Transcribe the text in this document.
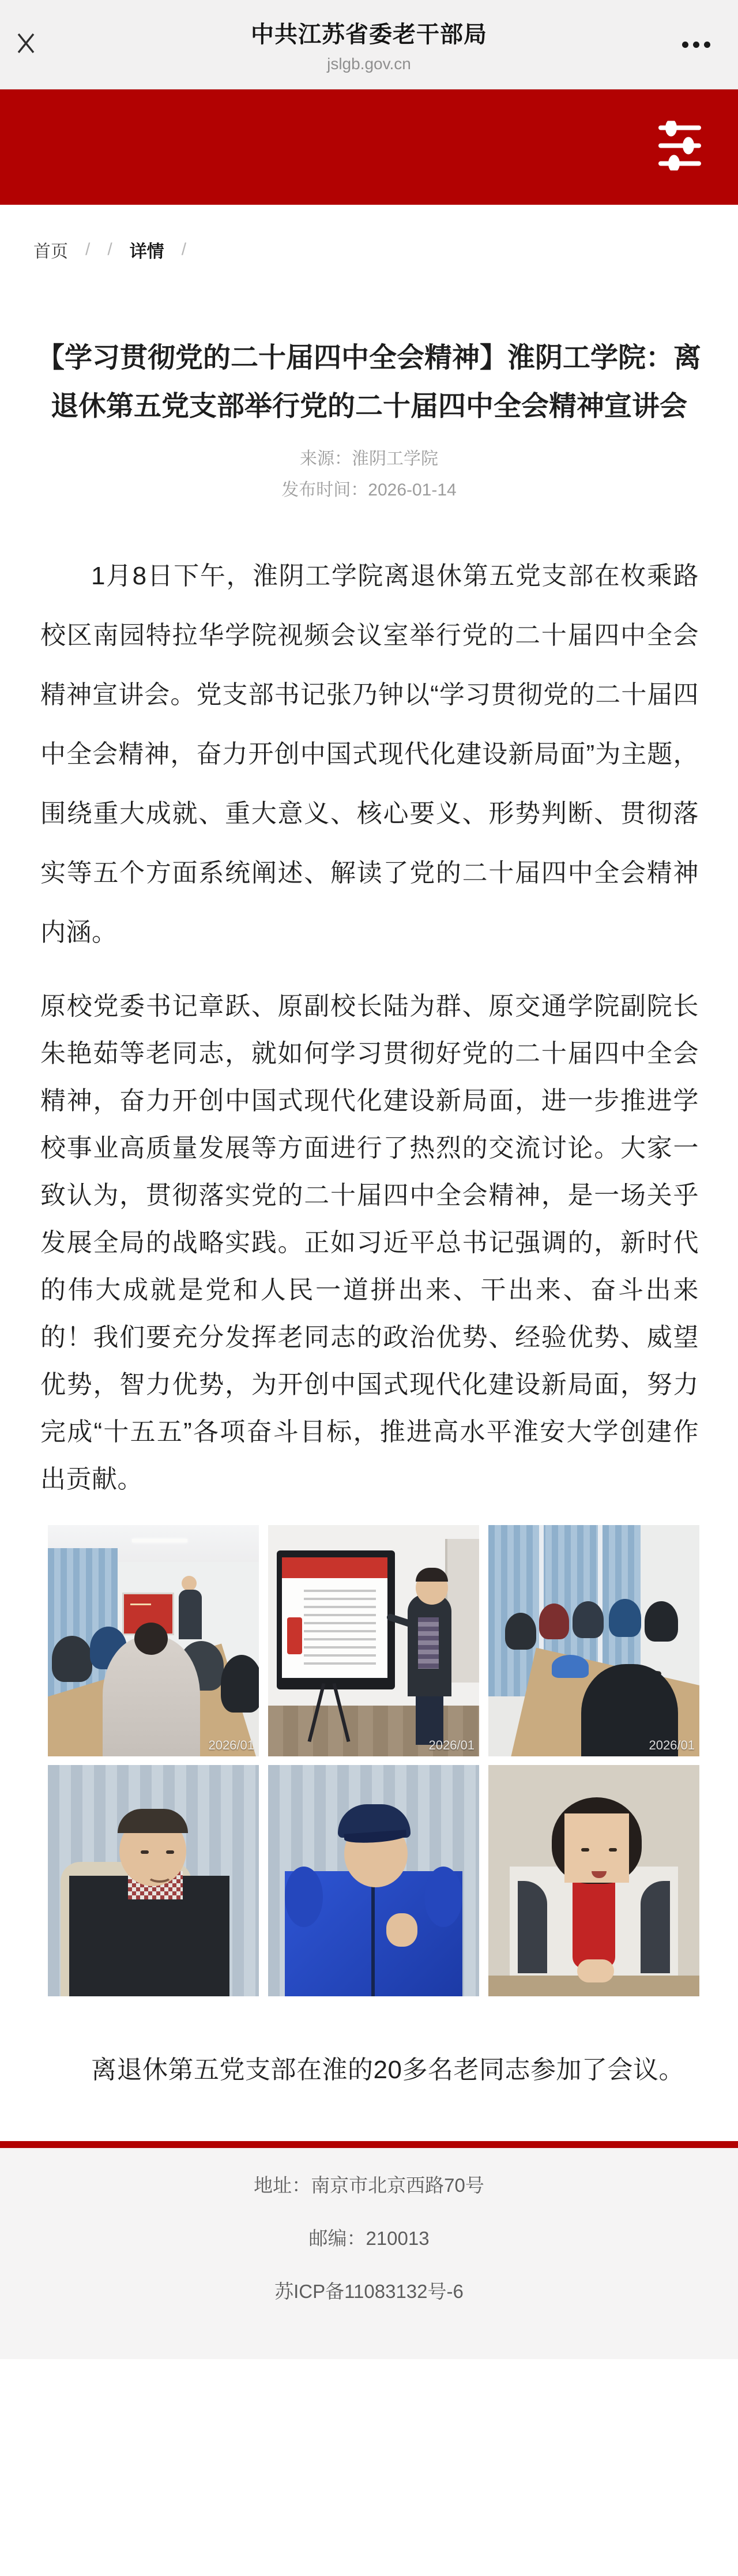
中共江苏省委老干部局
jslgb.gov.cn
首页 / / 详情 /
【学习贯彻党的二十届四中全会精神】淮阴工学院：离退休第五党支部举行党的二十届四中全会精神宣讲会
来源：淮阴工学院
发布时间：2026-01-14

1月8日下午，淮阴工学院离退休第五党支部在枚乘路校区南园特拉华学院视频会议室举行党的二十届四中全会精神宣讲会。党支部书记张乃钟以“学习贯彻党的二十届四中全会精神，奋力开创中国式现代化建设新局面”为主题，围绕重大成就、重大意义、核心要义、形势判断、贯彻落实等五个方面系统阐述、解读了党的二十届四中全会精神内涵。

原校党委书记章跃、原副校长陆为群、原交通学院副院长朱艳茹等老同志，就如何学习贯彻好党的二十届四中全会精神，奋力开创中国式现代化建设新局面，进一步推进学校事业高质量发展等方面进行了热烈的交流讨论。大家一致认为，贯彻落实党的二十届四中全会精神，是一场关乎发展全局的战略实践。正如习近平总书记强调的，新时代的伟大成就是党和人民一道拼出来、干出来、奋斗出来的！我们要充分发挥老同志的政治优势、经验优势、威望优势，智力优势，为开创中国式现代化建设新局面，努力完成“十五五”各项奋斗目标，推进高水平淮安大学创建作出贡献。

2026/01	2026/01	2026/01

离退休第五党支部在淮的20多名老同志参加了会议。

地址：南京市北京西路70号
邮编：210013
苏ICP备11083132号-6
